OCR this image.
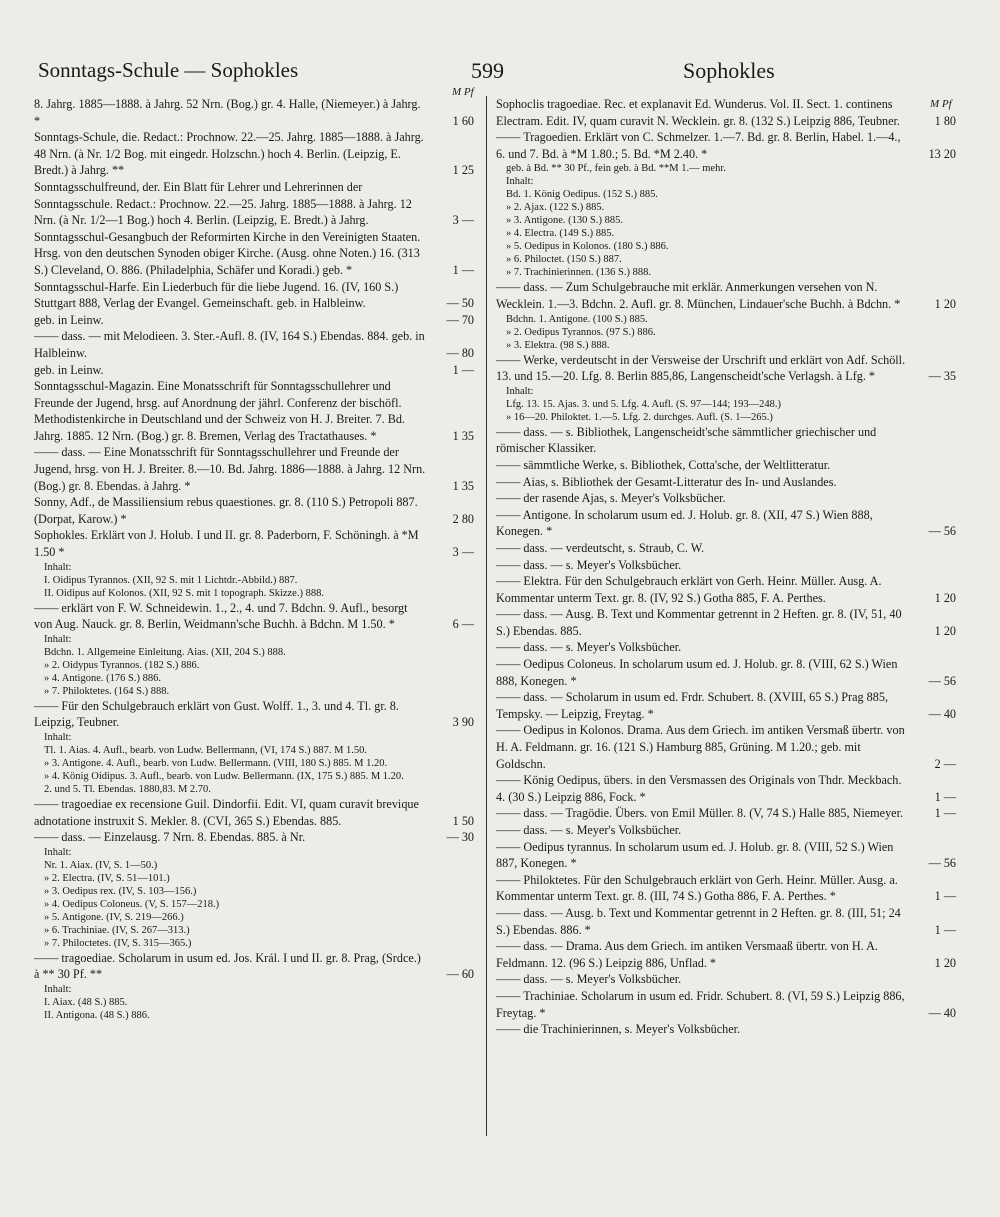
Sonntags-Schule — Sophokles	599	Sophokles
M Pf
M Pf
8. Jahrg. 1885—1888. à Jahrg. 52 Nrn. (Bog.) gr. 4. Halle, (Niemeyer.) à Jahrg. *	1 60
Sonntags-Schule, die. Redact.: Prochnow. 22.—25. Jahrg. 1885—1888. à Jahrg. 48 Nrn. (à Nr. 1/2 Bog. mit eingedr. Holzschn.) hoch 4. Berlin. (Leipzig, E. Bredt.) à Jahrg. **	1 25
Sonntagsschulfreund, der. Ein Blatt für Lehrer und Lehrerinnen der Sonntagsschule. Redact.: Prochnow. 22.—25. Jahrg. 1885—1888. à Jahrg. 12 Nrn. (à Nr. 1/2—1 Bog.) hoch 4. Berlin. (Leipzig, E. Bredt.) à Jahrg.	3 —
Sonntagsschul-Gesangbuch der Reformirten Kirche in den Vereinigten Staaten. Hrsg. von den deutschen Synoden obiger Kirche. (Ausg. ohne Noten.) 16. (313 S.) Cleveland, O. 886. (Philadelphia, Schäfer und Koradi.) geb. *	1 —
Sonntagsschul-Harfe. Ein Liederbuch für die liebe Jugend. 16. (IV, 160 S.) Stuttgart 888, Verlag der Evangel. Gemeinschaft. geb. in Halbleinw.	— 50
geb. in Leinw.	— 70
—— dass. — mit Melodieen. 3. Ster.-Aufl. 8. (IV, 164 S.) Ebendas. 884. geb. in Halbleinw.	— 80
geb. in Leinw.	1 —
Sonntagsschul-Magazin. Eine Monatsschrift für Sonntagsschullehrer und Freunde der Jugend, hrsg. auf Anordnung der jährl. Conferenz der bischöfl. Methodistenkirche in Deutschland und der Schweiz von H. J. Breiter. 7. Bd. Jahrg. 1885. 12 Nrn. (Bog.) gr. 8. Bremen, Verlag des Tractathauses. *	1 35
—— dass. — Eine Monatsschrift für Sonntagsschullehrer und Freunde der Jugend, hrsg. von H. J. Breiter. 8.—10. Bd. Jahrg. 1886—1888. à Jahrg. 12 Nrn. (Bog.) gr. 8. Ebendas. à Jahrg. *	1 35
Sonny, Adf., de Massiliensium rebus quaestiones. gr. 8. (110 S.) Petropoli 887. (Dorpat, Karow.) *	2 80
Sophokles. Erklärt von J. Holub. I und II. gr. 8. Paderborn, F. Schöningh. à *M 1.50 *	3 —
Inhalt:
I. Oidipus Tyrannos. (XII, 92 S. mit 1 Lichtdr.-Abbild.) 887.
II. Oidipus auf Kolonos. (XII, 92 S. mit 1 topograph. Skizze.) 888.
—— erklärt von F. W. Schneidewin. 1., 2., 4. und 7. Bdchn. 9. Aufl., besorgt von Aug. Nauck. gr. 8. Berlin, Weidmann'sche Buchh. à Bdchn. M 1.50. *	6 —
Inhalt:
Bdchn. 1. Allgemeine Einleitung. Aias. (XII, 204 S.) 888.
» 2. Oidypus Tyrannos. (182 S.) 886.
» 4. Antigone. (176 S.) 886.
» 7. Philoktetes. (164 S.) 888.
—— Für den Schulgebrauch erklärt von Gust. Wolff. 1., 3. und 4. Tl. gr. 8. Leipzig, Teubner.	3 90
Inhalt:
Tl. 1. Aias. 4. Aufl., bearb. von Ludw. Bellermann, (VI, 174 S.) 887. M 1.50.
» 3. Antigone. 4. Aufl., bearb. von Ludw. Bellermann. (VIII, 180 S.) 885. M 1.20.
» 4. König Oidipus. 3. Aufl., bearb. von Ludw. Bellermann. (IX, 175 S.) 885. M 1.20.
2. und 5. Tl. Ebendas. 1880,83. M 2.70.
—— tragoediae ex recensione Guil. Dindorfii. Edit. VI, quam curavit brevique adnotatione instruxit S. Mekler. 8. (CVI, 365 S.) Ebendas. 885.	1 50
—— dass. — Einzelausg. 7 Nrn. 8. Ebendas. 885. à Nr.	— 30
Inhalt:
Nr. 1. Aiax. (IV, S. 1—50.)
» 2. Electra. (IV, S. 51—101.)
» 3. Oedipus rex. (IV, S. 103—156.)
» 4. Oedipus Coloneus. (V, S. 157—218.)
» 5. Antigone. (IV, S. 219—266.)
» 6. Trachiniae. (IV, S. 267—313.)
» 7. Philoctetes. (IV, S. 315—365.)
—— tragoediae. Scholarum in usum ed. Jos. Král. I und II. gr. 8. Prag, (Srdce.) à ** 30 Pf. **	— 60
Inhalt:
I. Aiax. (48 S.) 885.
II. Antigona. (48 S.) 886.
Sophoclis tragoediae. Rec. et explanavit Ed. Wunderus. Vol. II. Sect. 1. continens Electram. Edit. IV, quam curavit N. Wecklein. gr. 8. (132 S.) Leipzig 886, Teubner.	1 80
—— Tragoedien. Erklärt von C. Schmelzer. 1.—7. Bd. gr. 8. Berlin, Habel. 1.—4., 6. und 7. Bd. à *M 1.80.; 5. Bd. *M 2.40. *	13 20
geb. à Bd. ** 30 Pf., fein geb. à Bd. **M 1.— mehr.
Inhalt:
Bd. 1. König Oedipus. (152 S.) 885.
» 2. Ajax. (122 S.) 885.
» 3. Antigone. (130 S.) 885.
» 4. Electra. (149 S.) 885.
» 5. Oedipus in Kolonos. (180 S.) 886.
» 6. Philoctet. (150 S.) 887.
» 7. Trachinierinnen. (136 S.) 888.
—— dass. — Zum Schulgebrauche mit erklär. Anmerkungen versehen von N. Wecklein. 1.—3. Bdchn. 2. Aufl. gr. 8. München, Lindauer'sche Buchh. à Bdchn. *	1 20
Bdchn. 1. Antigone. (100 S.) 885.
» 2. Oedipus Tyrannos. (97 S.) 886.
» 3. Elektra. (98 S.) 888.
—— Werke, verdeutscht in der Versweise der Urschrift und erklärt von Adf. Schöll. 13. und 15.—20. Lfg. 8. Berlin 885,86, Langenscheidt'sche Verlagsh. à Lfg. *	— 35
Inhalt:
Lfg. 13. 15. Ajas. 3. und 5. Lfg. 4. Aufl. (S. 97—144; 193—248.)
» 16—20. Philoktet. 1.—5. Lfg. 2. durchges. Aufl. (S. 1—265.)
—— dass. — s. Bibliothek, Langenscheidt'sche sämmtlicher griechischer und römischer Klassiker.
—— sämmtliche Werke, s. Bibliothek, Cotta'sche, der Weltlitteratur.
—— Aias, s. Bibliothek der Gesamt-Litteratur des In- und Auslandes.
—— der rasende Ajas, s. Meyer's Volksbücher.
—— Antigone. In scholarum usum ed. J. Holub. gr. 8. (XII, 47 S.) Wien 888, Konegen. *	— 56
—— dass. — verdeutscht, s. Straub, C. W.
—— dass. — s. Meyer's Volksbücher.
—— Elektra. Für den Schulgebrauch erklärt von Gerh. Heinr. Müller. Ausg. A. Kommentar unterm Text. gr. 8. (IV, 92 S.) Gotha 885, F. A. Perthes.	1 20
—— dass. — Ausg. B. Text und Kommentar getrennt in 2 Heften. gr. 8. (IV, 51, 40 S.) Ebendas. 885.	1 20
—— dass. — s. Meyer's Volksbücher.
—— Oedipus Coloneus. In scholarum usum ed. J. Holub. gr. 8. (VIII, 62 S.) Wien 888, Konegen. *	— 56
—— dass. — Scholarum in usum ed. Frdr. Schubert. 8. (XVIII, 65 S.) Prag 885, Tempsky. — Leipzig, Freytag. *	— 40
—— Oedipus in Kolonos. Drama. Aus dem Griech. im antiken Versmaß übertr. von H. A. Feldmann. gr. 16. (121 S.) Hamburg 885, Grüning. M 1.20.; geb. mit Goldschn.	2 —
—— König Oedipus, übers. in den Versmassen des Originals von Thdr. Meckbach. 4. (30 S.) Leipzig 886, Fock. *	1 —
—— dass. — Tragödie. Übers. von Emil Müller. 8. (V, 74 S.) Halle 885, Niemeyer.	1 —
—— dass. — s. Meyer's Volksbücher.
—— Oedipus tyrannus. In scholarum usum ed. J. Holub. gr. 8. (VIII, 52 S.) Wien 887, Konegen. *	— 56
—— Philoktetes. Für den Schulgebrauch erklärt von Gerh. Heinr. Müller. Ausg. a. Kommentar unterm Text. gr. 8. (III, 74 S.) Gotha 886, F. A. Perthes. *	1 —
—— dass. — Ausg. b. Text und Kommentar getrennt in 2 Heften. gr. 8. (III, 51; 24 S.) Ebendas. 886. *	1 —
—— dass. — Drama. Aus dem Griech. im antiken Versmaaß übertr. von H. A. Feldmann. 12. (96 S.) Leipzig 886, Unflad. *	1 20
—— dass. — s. Meyer's Volksbücher.
—— Trachiniae. Scholarum in usum ed. Fridr. Schubert. 8. (VI, 59 S.) Leipzig 886, Freytag. *	— 40
—— die Trachinierinnen, s. Meyer's Volksbücher.
